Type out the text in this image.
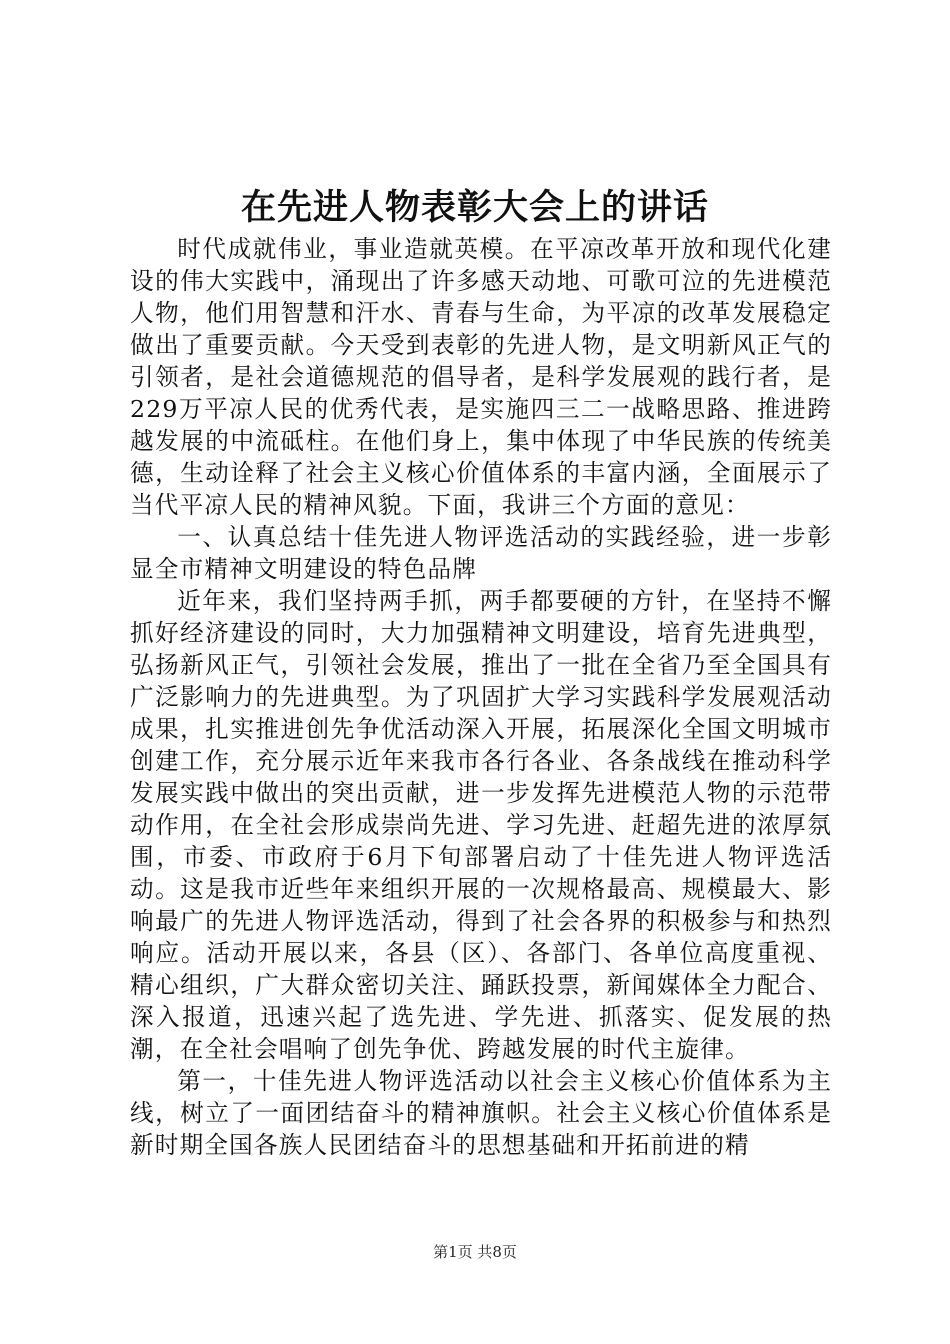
在先进人物表彰大会上的讲话

时代成就伟业，事业造就英模。在平凉改革开放和现代化建设的伟大实践中，涌现出了许多感天动地、可歌可泣的先进模范人物，他们用智慧和汗水、青春与生命，为平凉的改革发展稳定做出了重要贡献。今天受到表彰的先进人物，是文明新风正气的引领者，是社会道德规范的倡导者，是科学发展观的践行者，是229万平凉人民的优秀代表，是实施四三二一战略思路、推进跨越发展的中流砥柱。在他们身上，集中体现了中华民族的传统美德，生动诠释了社会主义核心价值体系的丰富内涵，全面展示了当代平凉人民的精神风貌。下面，我讲三个方面的意见：

一、认真总结十佳先进人物评选活动的实践经验，进一步彰显全市精神文明建设的特色品牌

近年来，我们坚持两手抓，两手都要硬的方针，在坚持不懈抓好经济建设的同时，大力加强精神文明建设，培育先进典型，弘扬新风正气，引领社会发展，推出了一批在全省乃至全国具有广泛影响力的先进典型。为了巩固扩大学习实践科学发展观活动成果，扎实推进创先争优活动深入开展，拓展深化全国文明城市创建工作，充分展示近年来我市各行各业、各条战线在推动科学发展实践中做出的突出贡献，进一步发挥先进模范人物的示范带动作用，在全社会形成崇尚先进、学习先进、赶超先进的浓厚氛围，市委、市政府于6月下旬部署启动了十佳先进人物评选活动。这是我市近些年来组织开展的一次规格最高、规模最大、影响最广的先进人物评选活动，得到了社会各界的积极参与和热烈响应。活动开展以来，各县（区）、各部门、各单位高度重视、精心组织，广大群众密切关注、踊跃投票，新闻媒体全力配合、深入报道，迅速兴起了选先进、学先进、抓落实、促发展的热潮，在全社会唱响了创先争优、跨越发展的时代主旋律。

第一，十佳先进人物评选活动以社会主义核心价值体系为主线，树立了一面团结奋斗的精神旗帜。社会主义核心价值体系是新时期全国各族人民团结奋斗的思想基础和开拓前进的精

第1页 共8页
